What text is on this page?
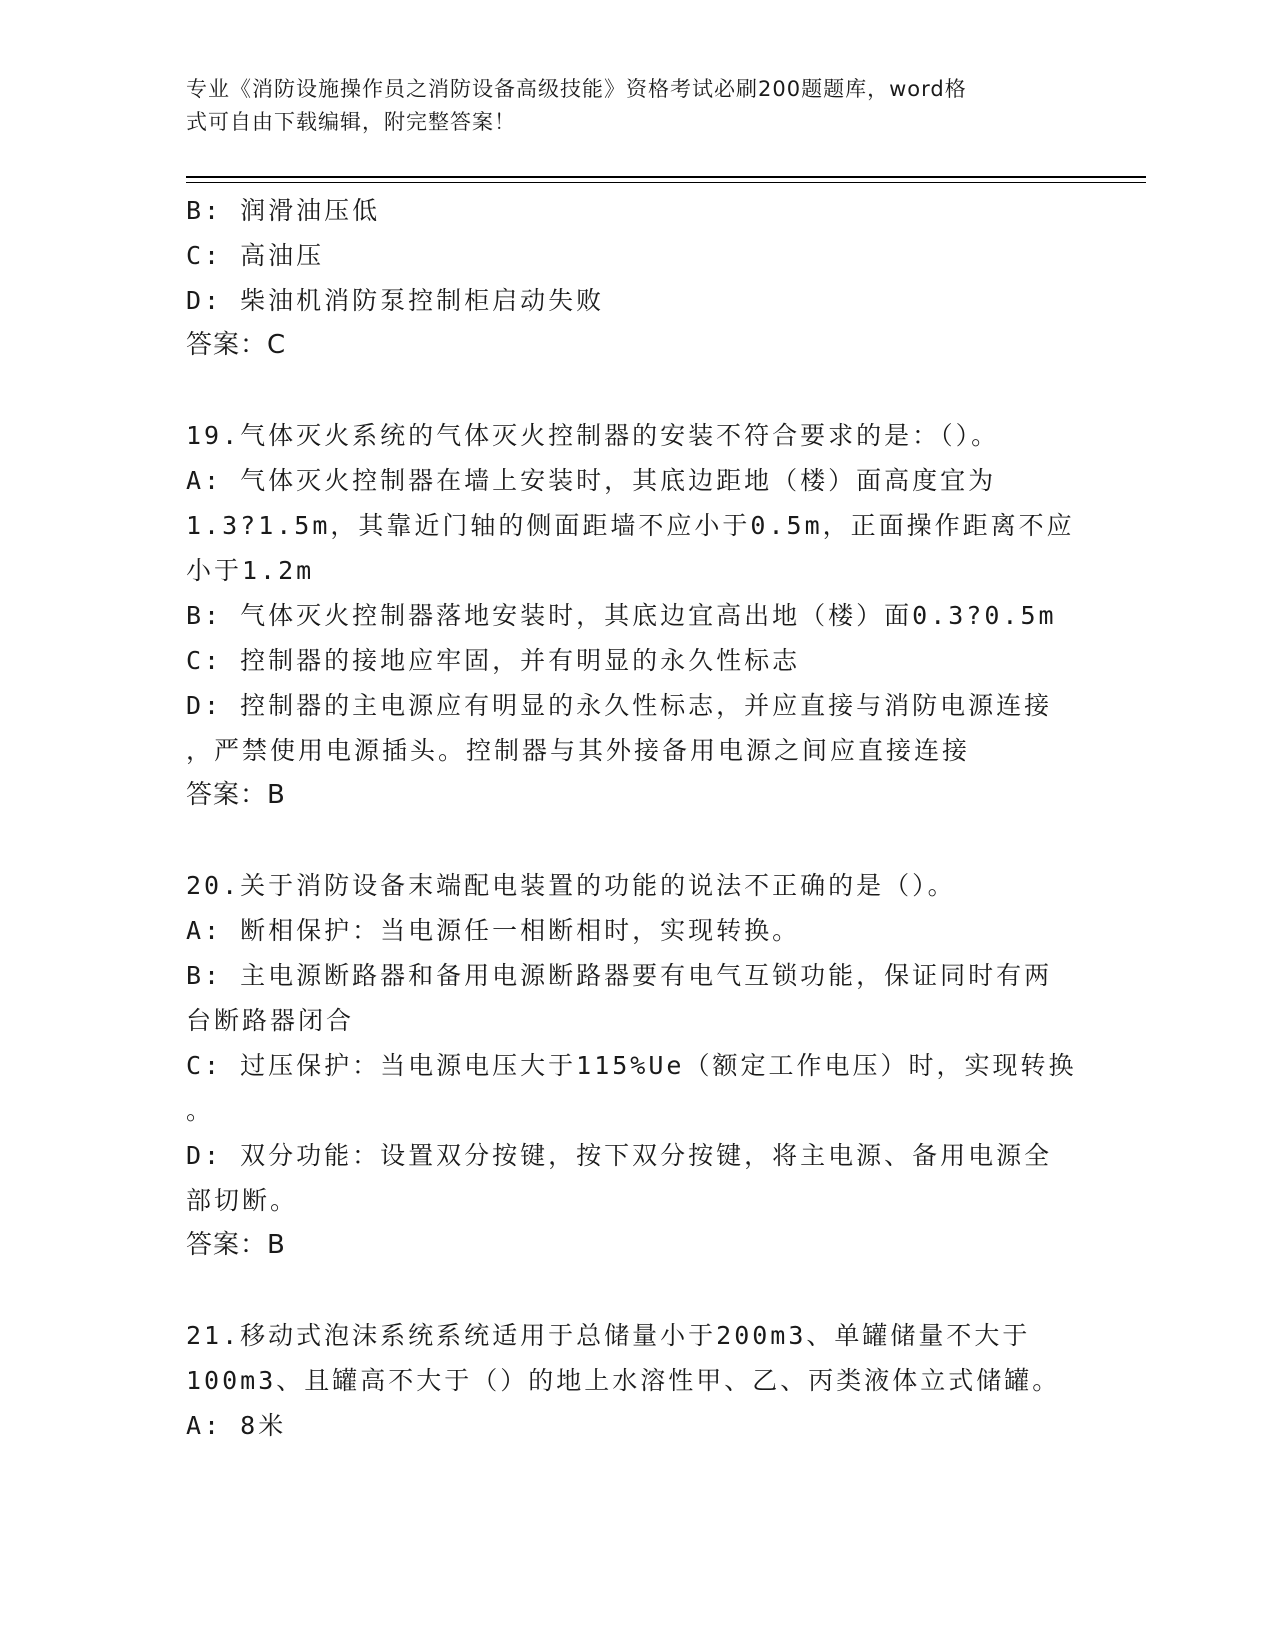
专业《消防设施操作员之消防设备高级技能》资格考试必刷200题题库，word格
式可自由下载编辑，附完整答案！
B: 润滑油压低
C: 高油压
D: 柴油机消防泵控制柜启动失败
答案：C
19.气体灭火系统的气体灭火控制器的安装不符合要求的是：（）。
A: 气体灭火控制器在墙上安装时，其底边距地（楼）面高度宜为
1.3?1.5m，其靠近门轴的侧面距墙不应小于0.5m，正面操作距离不应
小于1.2m
B: 气体灭火控制器落地安装时，其底边宜高出地（楼）面0.3?0.5m
C: 控制器的接地应牢固，并有明显的永久性标志
D: 控制器的主电源应有明显的永久性标志，并应直接与消防电源连接
，严禁使用电源插头。控制器与其外接备用电源之间应直接连接
答案：B
20.关于消防设备末端配电装置的功能的说法不正确的是（）。
A: 断相保护：当电源任一相断相时，实现转换。
B: 主电源断路器和备用电源断路器要有电气互锁功能，保证同时有两
台断路器闭合
C: 过压保护：当电源电压大于115%Ue（额定工作电压）时，实现转换
。
D: 双分功能：设置双分按键，按下双分按键，将主电源、备用电源全
部切断。
答案：B
21.移动式泡沫系统系统适用于总储量小于200m3、单罐储量不大于
100m3、且罐高不大于（）的地上水溶性甲、乙、丙类液体立式储罐。
A: 8米
